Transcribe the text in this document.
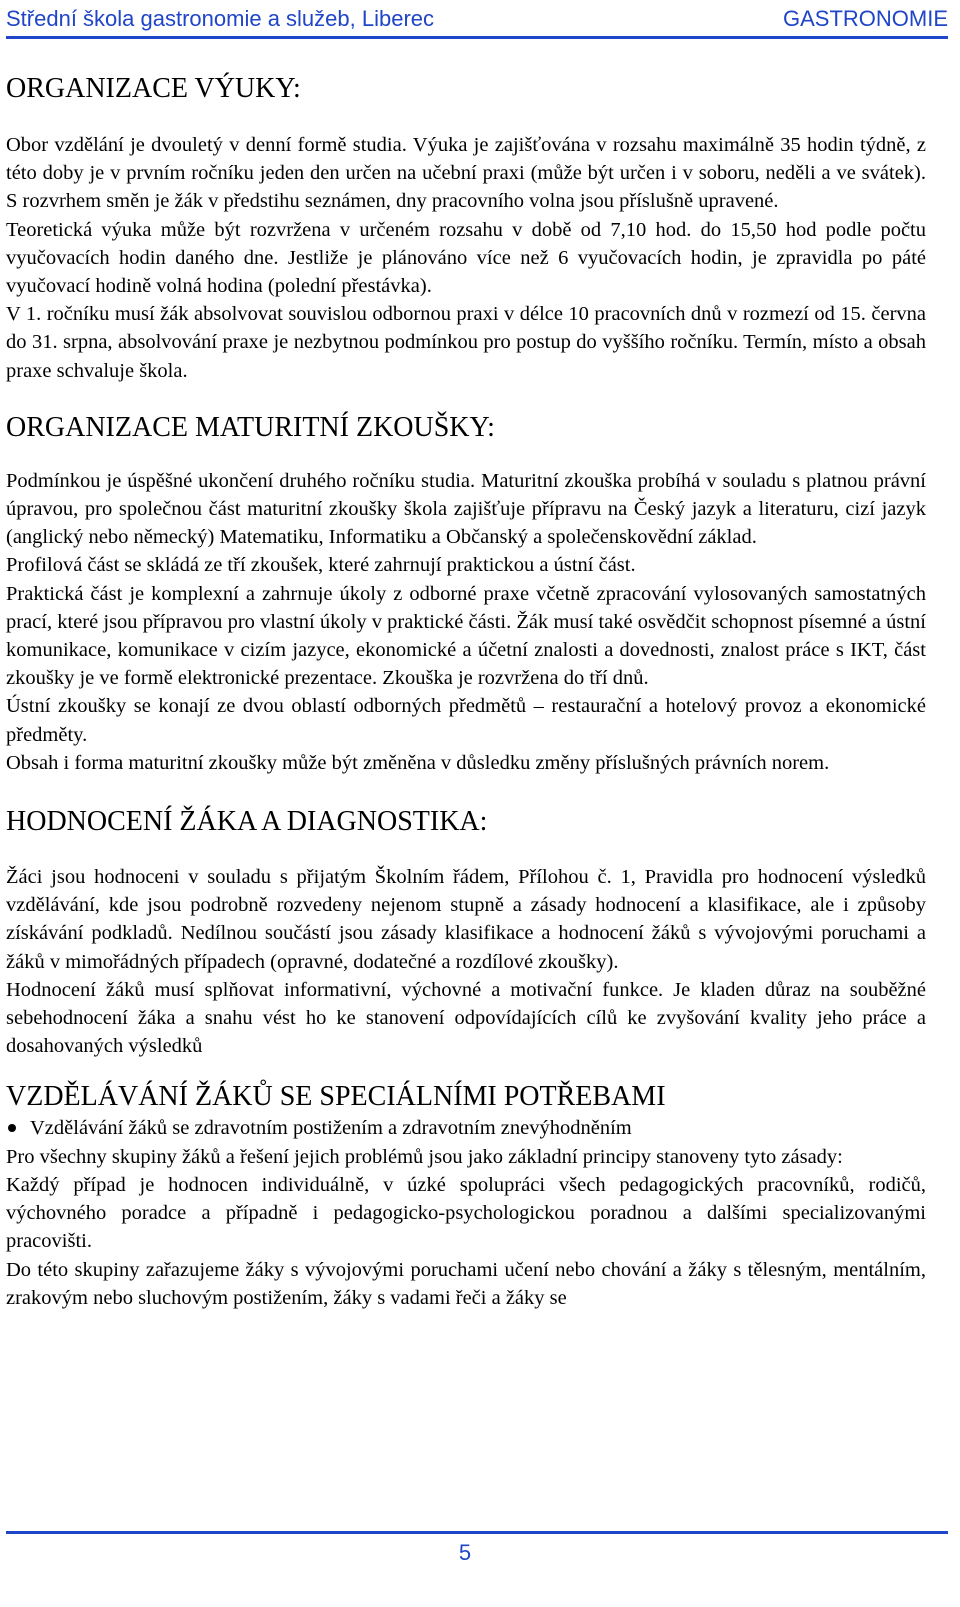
Střední škola gastronomie a služeb, Liberec	GASTRONOMIE
ORGANIZACE VÝUKY:

Obor vzdělání je dvouletý v denní formě studia. Výuka je zajišťována v rozsahu maximálně 35 hodin týdně, z této doby je v prvním ročníku jeden den určen na učební praxi (může být určen i v soboru, neděli a ve svátek). S rozvrhem směn je žák v předstihu seznámen, dny pracovního volna jsou příslušně upravené.

Teoretická výuka může být rozvržena v určeném rozsahu v době od 7,10 hod. do 15,50 hod podle počtu vyučovacích hodin daného dne. Jestliže je plánováno více než 6 vyučovacích hodin, je zpravidla po páté vyučovací hodině volná hodina (polední přestávka).

V 1. ročníku musí žák absolvovat souvislou odbornou praxi v délce 10 pracovních dnů v rozmezí od 15. června do 31. srpna, absolvování praxe je nezbytnou podmínkou pro postup do vyššího ročníku. Termín, místo a obsah praxe schvaluje škola.

ORGANIZACE MATURITNÍ ZKOUŠKY:

Podmínkou je úspěšné ukončení druhého ročníku studia. Maturitní zkouška probíhá v souladu s platnou právní úpravou, pro společnou část maturitní zkoušky škola zajišťuje přípravu na Český jazyk a literaturu, cizí jazyk (anglický nebo německý) Matematiku, Informatiku a Občanský a společenskovědní základ.

Profilová část se skládá ze tří zkoušek, které zahrnují praktickou a ústní část.

Praktická část je komplexní a zahrnuje úkoly z odborné praxe včetně zpracování vylosovaných samostatných prací, které jsou přípravou pro vlastní úkoly v praktické části. Žák musí také osvědčit schopnost písemné a ústní komunikace, komunikace v cizím jazyce, ekonomické a účetní znalosti a dovednosti, znalost práce s IKT, část zkoušky je ve formě elektronické prezentace. Zkouška je rozvržena do tří dnů.

Ústní zkoušky se konají ze dvou oblastí odborných předmětů – restaurační a hotelový provoz a ekonomické předměty.

Obsah i forma maturitní zkoušky může být změněna v důsledku změny příslušných právních norem.

HODNOCENÍ ŽÁKA A DIAGNOSTIKA:

Žáci jsou hodnoceni v souladu s přijatým Školním řádem, Přílohou č. 1, Pravidla pro hodnocení výsledků vzdělávání, kde jsou podrobně rozvedeny nejenom stupně a zásady hodnocení a klasifikace, ale i způsoby získávání podkladů. Nedílnou součástí jsou zásady klasifikace a hodnocení žáků s vývojovými poruchami a žáků v mimořádných případech (opravné, dodatečné a rozdílové zkoušky).

Hodnocení žáků musí splňovat informativní, výchovné a motivační funkce. Je kladen důraz na souběžné sebehodnocení žáka a snahu vést ho ke stanovení odpovídajících cílů ke zvyšování kvality jeho práce a dosahovaných výsledků

VZDĚLÁVÁNÍ ŽÁKŮ SE SPECIÁLNÍMI POTŘEBAMI
Vzdělávání žáků se zdravotním postižením a zdravotním znevýhodněním

Pro všechny skupiny žáků a řešení jejich problémů jsou jako základní principy stanoveny tyto zásady:

Každý případ je hodnocen individuálně, v úzké spolupráci všech pedagogických pracovníků, rodičů, výchovného poradce a případně i pedagogicko-psychologickou poradnou a dalšími specializovanými pracovišti.

Do této skupiny zařazujeme žáky s vývojovými poruchami učení nebo chování a žáky s tělesným, mentálním, zrakovým nebo sluchovým postižením, žáky s vadami řeči a žáky se

5
